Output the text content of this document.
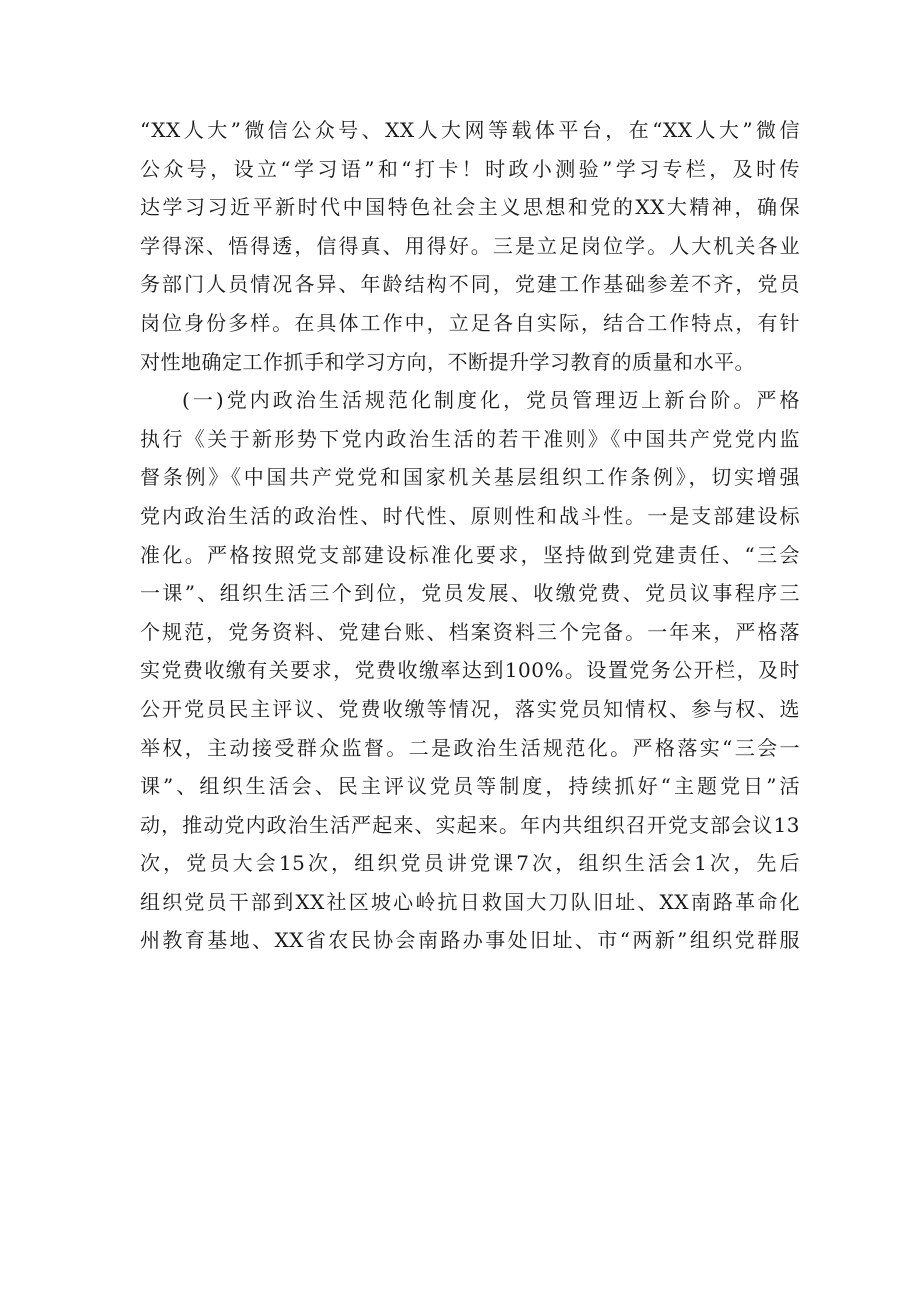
“XX人大”微信公众号、XX人大网等载体平台，在“XX人大”微信
公众号，设立“学习语”和“打卡！时政小测验”学习专栏，及时传
达学习习近平新时代中国特色社会主义思想和党的XX大精神，确保
学得深、悟得透，信得真、用得好。三是立足岗位学。人大机关各业
务部门人员情况各异、年龄结构不同，党建工作基础参差不齐，党员
岗位身份多样。在具体工作中，立足各自实际，结合工作特点，有针
对性地确定工作抓手和学习方向，不断提升学习教育的质量和水平。
(一)党内政治生活规范化制度化，党员管理迈上新台阶。严格
执行《关于新形势下党内政治生活的若干准则》《中国共产党党内监
督条例》《中国共产党党和国家机关基层组织工作条例》，切实增强
党内政治生活的政治性、时代性、原则性和战斗性。一是支部建设标
准化。严格按照党支部建设标准化要求，坚持做到党建责任、“三会
一课”、组织生活三个到位，党员发展、收缴党费、党员议事程序三
个规范，党务资料、党建台账、档案资料三个完备。一年来，严格落
实党费收缴有关要求，党费收缴率达到100%。设置党务公开栏，及时
公开党员民主评议、党费收缴等情况，落实党员知情权、参与权、选
举权，主动接受群众监督。二是政治生活规范化。严格落实“三会一
课”、组织生活会、民主评议党员等制度，持续抓好“主题党日”活
动，推动党内政治生活严起来、实起来。年内共组织召开党支部会议13
次，党员大会15次，组织党员讲党课7次，组织生活会1次，先后
组织党员干部到XX社区坡心岭抗日救国大刀队旧址、XX南路革命化
州教育基地、XX省农民协会南路办事处旧址、市“两新”组织党群服
